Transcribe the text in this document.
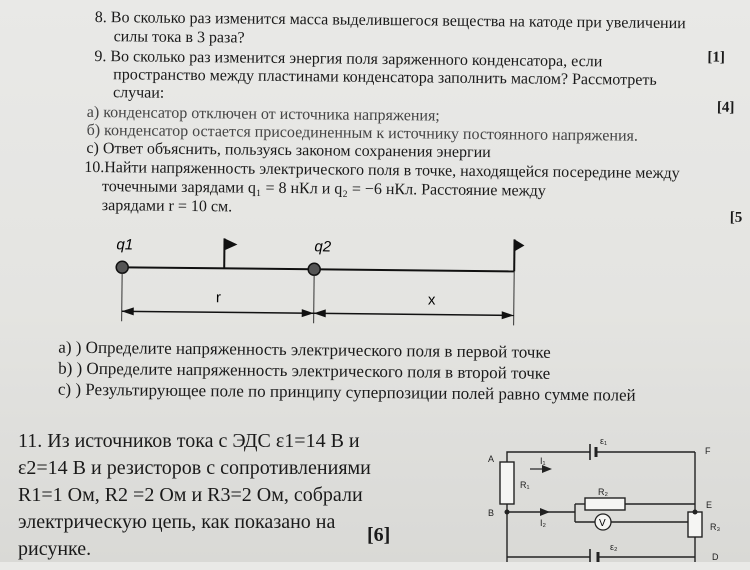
8. Во сколько раз изменится масса выделившегося вещества на катоде при увеличении
силы тока в 3 раза?
[1]
9. Во сколько раз изменится энергия поля заряженного конденсатора, если
пространство между пластинами конденсатора заполнить маслом? Рассмотреть
случаи:
[4]
а) конденсатор отключен от источника напряжения;
б) конденсатор остается присоединенным к источнику постоянного напряжения.
с) Ответ объяснить, пользуясь законом сохранения энергии
10.Найти напряженность электрического поля в точке, находящейся посередине между
точечными зарядами q₁ = 8 нКл и q₂ = −6 нКл. Расстояние между
зарядами r = 10 см.
[5
q1	q2
r	x
a) ) Определите напряженность электрического поля в первой точке
b) ) Определите напряженность электрического поля в второй точке
c) ) Результирующее поле по принципу суперпозиции полей равно сумме полей
11. Из источников тока с ЭДС ε1=14 В и
ε2=14 В и резисторов с сопротивлениями
R1=1 Ом, R2 =2 Ом и R3=2 Ом, собрали
электрическую цепь, как показано на
рисунке.
[6]
V
A
B
F
E
D
ε₁
ε₂
R₁
R₂
R₃
I₁
I₂
